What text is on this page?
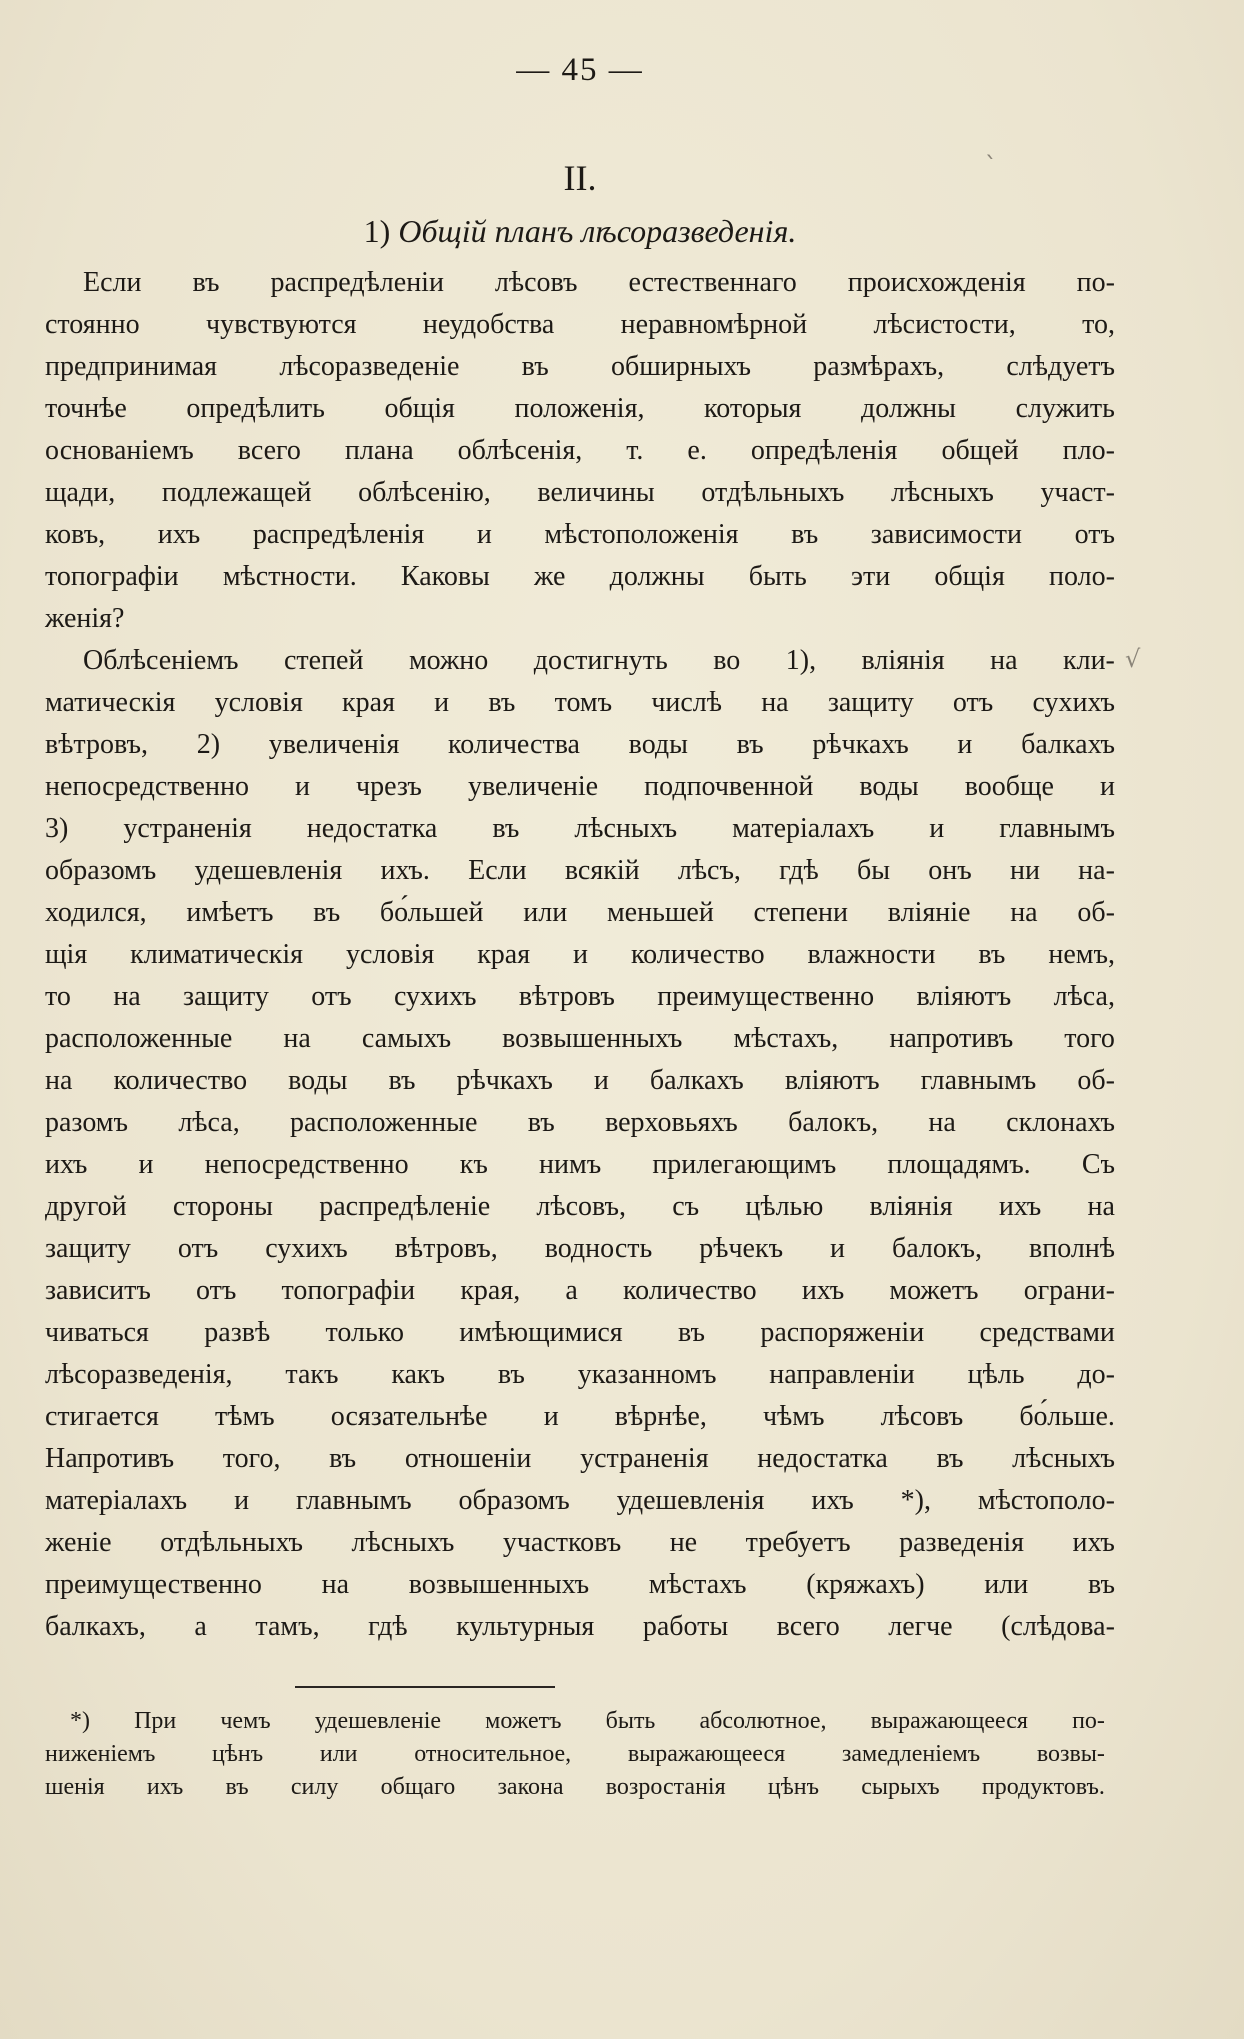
— 45 —
II.
1) Общій планъ лѣсоразведенія.
Если въ распредѣленіи лѣсовъ естественнаго происхожденія по-
стоянно чувствуются неудобства неравномѣрной лѣсистости, то,
предпринимая лѣсоразведеніе въ обширныхъ размѣрахъ, слѣдуетъ
точнѣе опредѣлить общія положенія, которыя должны служить
основаніемъ всего плана облѣсенія, т. е. опредѣленія общей пло-
щади, подлежащей облѣсенію, величины отдѣльныхъ лѣсныхъ участ-
ковъ, ихъ распредѣленія и мѣстоположенія въ зависимости отъ
топографіи мѣстности. Каковы же должны быть эти общія поло-
женія?
Облѣсеніемъ степей можно достигнуть во 1), вліянія на кли-
матическія условія края и въ томъ числѣ на защиту отъ сухихъ
вѣтровъ, 2) увеличенія количества воды въ рѣчкахъ и балкахъ
непосредственно и чрезъ увеличеніе подпочвенной воды вообще и
3) устраненія недостатка въ лѣсныхъ матеріалахъ и главнымъ
образомъ удешевленія ихъ. Если всякій лѣсъ, гдѣ бы онъ ни на-
ходился, имѣетъ въ бо́льшей или меньшей степени вліяніе на об-
щія климатическія условія края и количество влажности въ немъ,
то на защиту отъ сухихъ вѣтровъ преимущественно вліяютъ лѣса,
расположенные на самыхъ возвышенныхъ мѣстахъ, напротивъ того
на количество воды въ рѣчкахъ и балкахъ вліяютъ главнымъ об-
разомъ лѣса, расположенные въ верховьяхъ балокъ, на склонахъ
ихъ и непосредственно къ нимъ прилегающимъ площадямъ. Съ
другой стороны распредѣленіе лѣсовъ, съ цѣлью вліянія ихъ на
защиту отъ сухихъ вѣтровъ, водность рѣчекъ и балокъ, вполнѣ
зависитъ отъ топографіи края, а количество ихъ можетъ ограни-
чиваться развѣ только имѣющимися въ распоряженіи средствами
лѣсоразведенія, такъ какъ въ указанномъ направленіи цѣль до-
стигается тѣмъ осязательнѣе и вѣрнѣе, чѣмъ лѣсовъ бо́льше.
Напротивъ того, въ отношеніи устраненія недостатка въ лѣсныхъ
матеріалахъ и главнымъ образомъ удешевленія ихъ *), мѣстополо-
женіе отдѣльныхъ лѣсныхъ участковъ не требуетъ разведенія ихъ
преимущественно на возвышенныхъ мѣстахъ (кряжахъ) или въ
балкахъ, а тамъ, гдѣ культурныя работы всего легче (слѣдова-
*) При чемъ удешевленіе можетъ быть абсолютное, выражающееся по-
ниженіемъ цѣнъ или относительное, выражающееся замедленіемъ возвы-
шенія ихъ въ силу общаго закона возростанія цѣнъ сырыхъ продуктовъ.
√
ˋ
